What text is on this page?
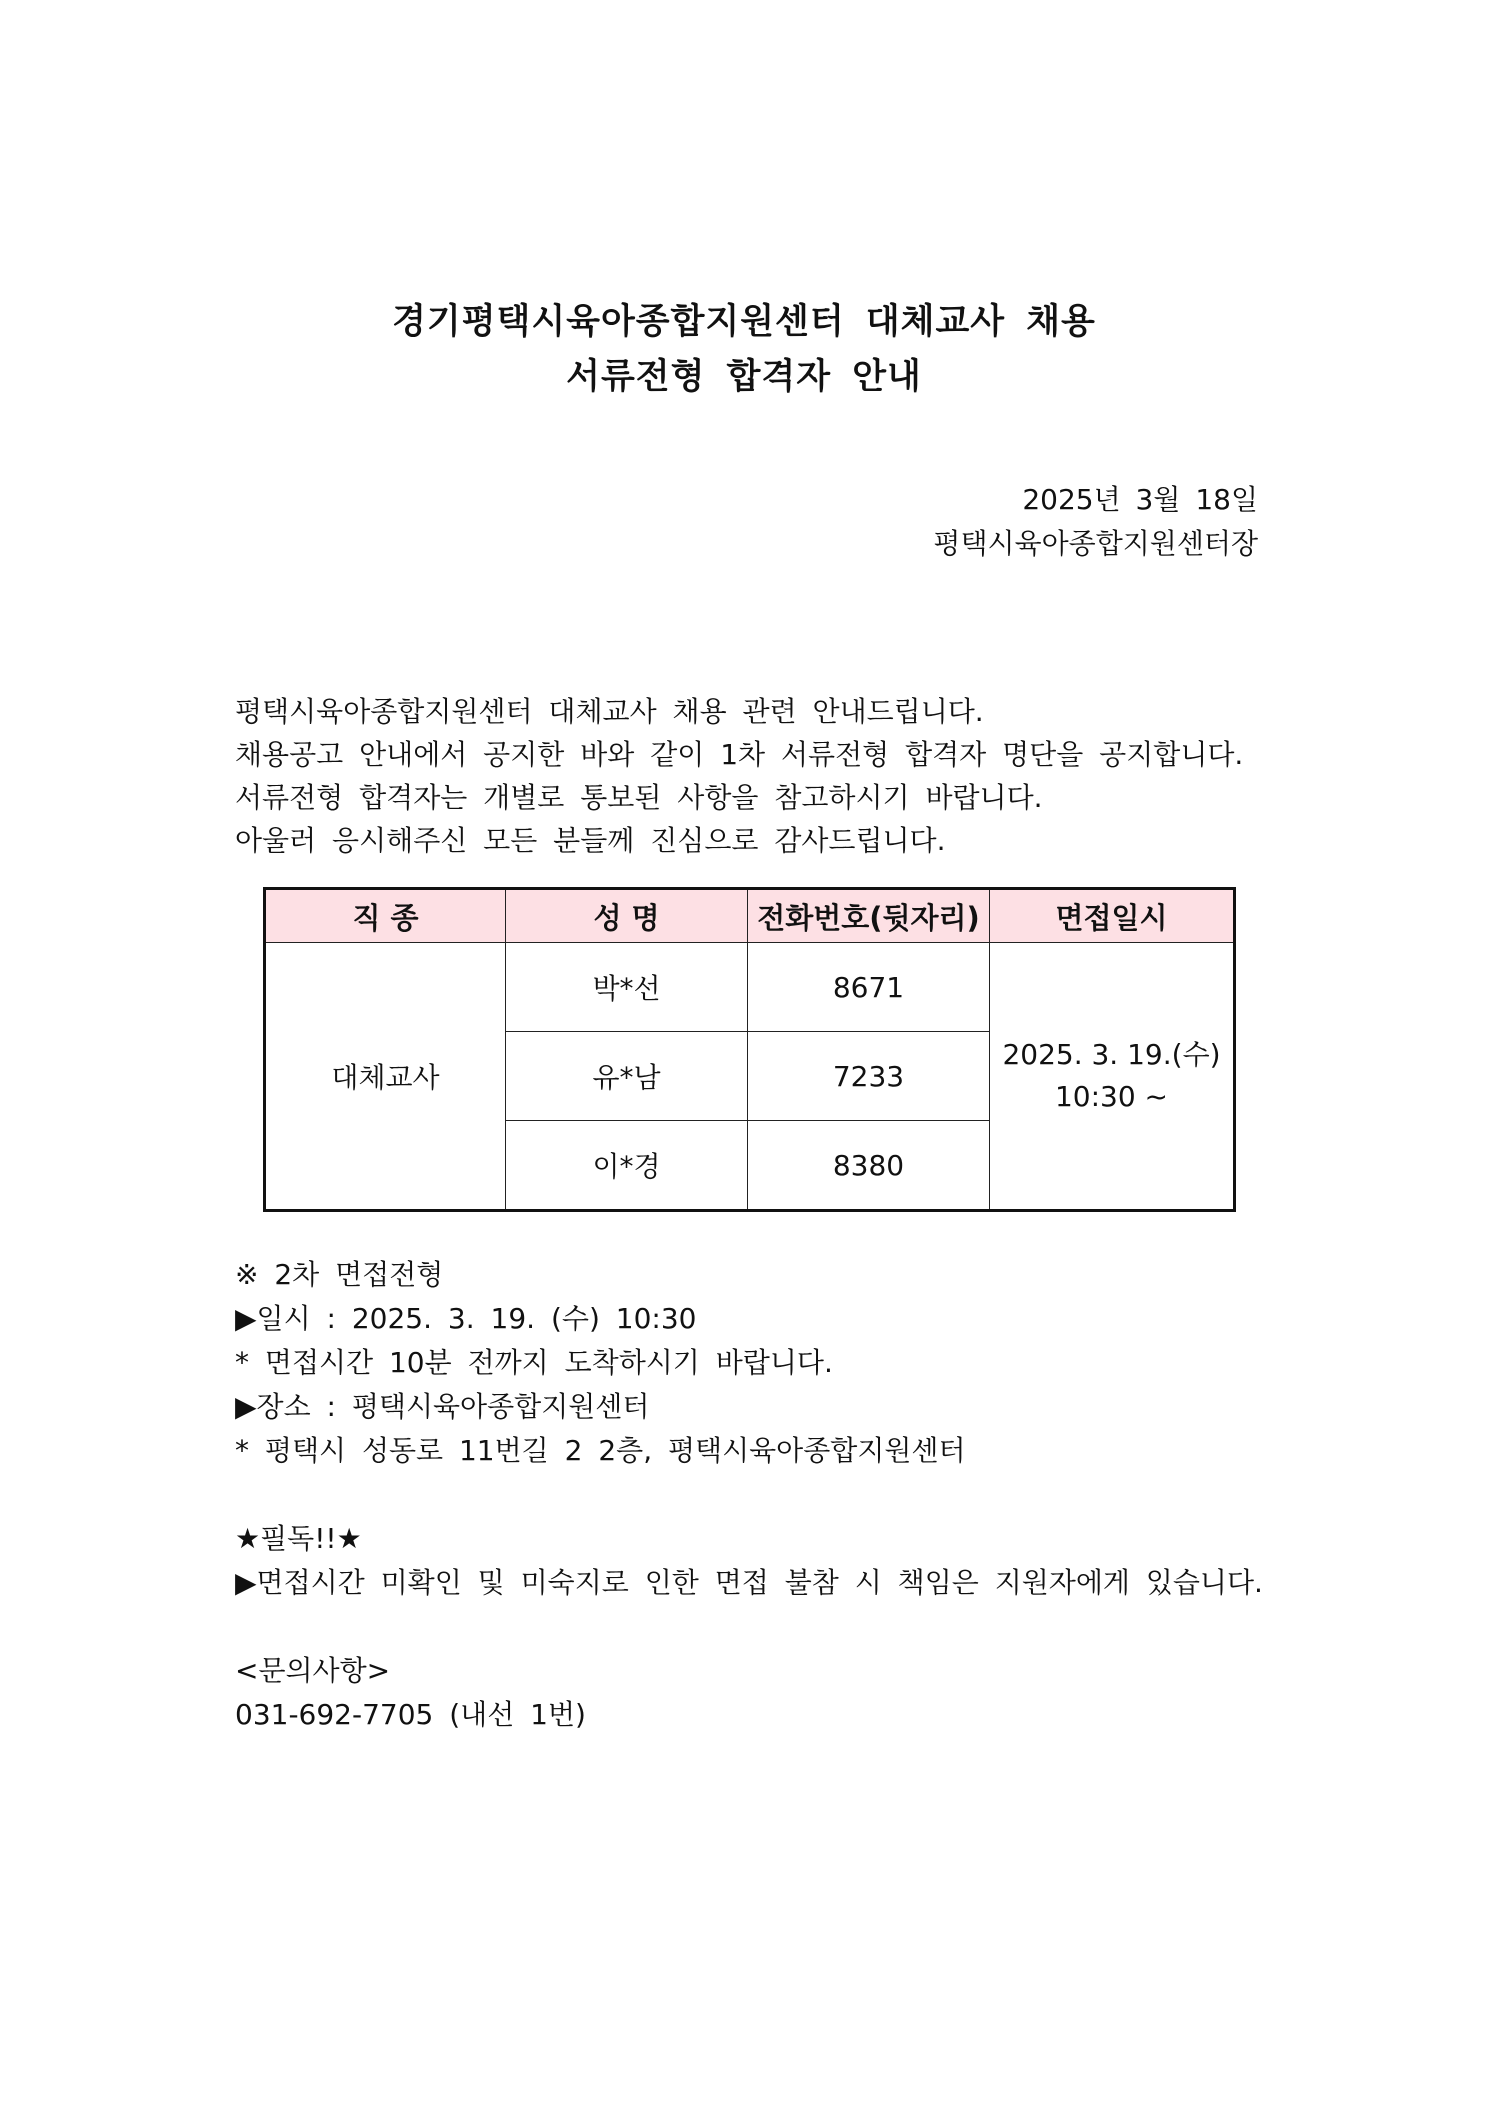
경기평택시육아종합지원센터 대체교사 채용
서류전형 합격자 안내
2025년 3월 18일
평택시육아종합지원센터장
평택시육아종합지원센터 대체교사 채용 관련 안내드립니다.
채용공고 안내에서 공지한 바와 같이 1차 서류전형 합격자 명단을 공지합니다.
서류전형 합격자는 개별로 통보된 사항을 참고하시기 바랍니다.
아울러 응시해주신 모든 분들께 진심으로 감사드립니다.
직 종	성 명	전화번호(뒷자리)	면접일시
대체교사	박*선	8671	2025. 3. 19.(수)
10:30 ~

	유*남	7233	
	이*경	8380	
※ 2차 면접전형
▶일시 : 2025. 3. 19. (수) 10:30
* 면접시간 10분 전까지 도착하시기 바랍니다.
▶장소 : 평택시육아종합지원센터
* 평택시 성동로 11번길 2 2층, 평택시육아종합지원센터
★필독!!★
▶면접시간 미확인 및 미숙지로 인한 면접 불참 시 책임은 지원자에게 있습니다.
<문의사항>
031-692-7705 (내선 1번)
